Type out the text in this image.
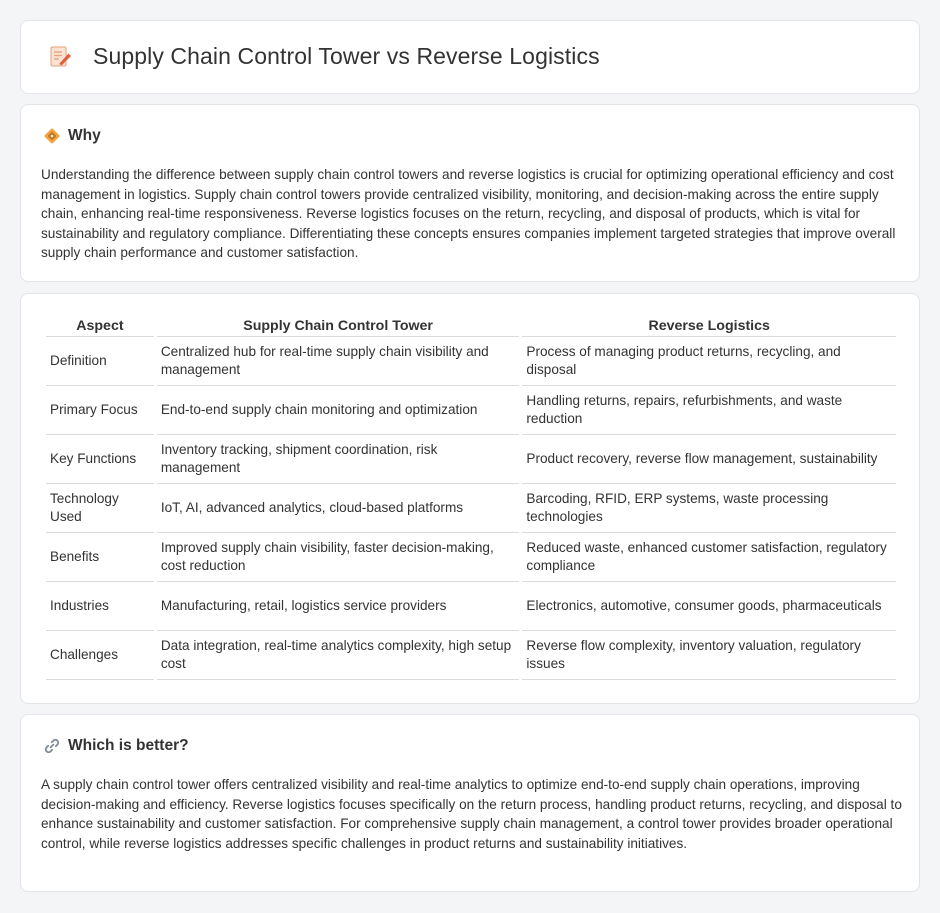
Supply Chain Control Tower vs Reverse Logistics
Why

Understanding the difference between supply chain control towers and reverse logistics is crucial for optimizing operational efficiency and cost management in logistics. Supply chain control towers provide centralized visibility, monitoring, and decision-making across the entire supply chain, enhancing real-time responsiveness. Reverse logistics focuses on the return, recycling, and disposal of products, which is vital for sustainability and regulatory compliance. Differentiating these concepts ensures companies implement targeted strategies that improve overall supply chain performance and customer satisfaction.

Aspect	Supply Chain Control Tower	Reverse Logistics
Definition	Centralized hub for real-time supply chain visibility and management	Process of managing product returns, recycling, and disposal
Primary Focus	End-to-end supply chain monitoring and optimization	Handling returns, repairs, refurbishments, and waste reduction
Key Functions	Inventory tracking, shipment coordination, risk management	Product recovery, reverse flow management, sustainability
Technology Used	IoT, AI, advanced analytics, cloud-based platforms	Barcoding, RFID, ERP systems, waste processing technologies
Benefits	Improved supply chain visibility, faster decision-making, cost reduction	Reduced waste, enhanced customer satisfaction, regulatory compliance
Industries	Manufacturing, retail, logistics service providers	Electronics, automotive, consumer goods, pharmaceuticals
Challenges	Data integration, real-time analytics complexity, high setup cost	Reverse flow complexity, inventory valuation, regulatory issues
Which is better?

A supply chain control tower offers centralized visibility and real-time analytics to optimize end-to-end supply chain operations, improving decision-making and efficiency. Reverse logistics focuses specifically on the return process, handling product returns, recycling, and disposal to enhance sustainability and customer satisfaction. For comprehensive supply chain management, a control tower provides broader operational control, while reverse logistics addresses specific challenges in product returns and sustainability initiatives.
